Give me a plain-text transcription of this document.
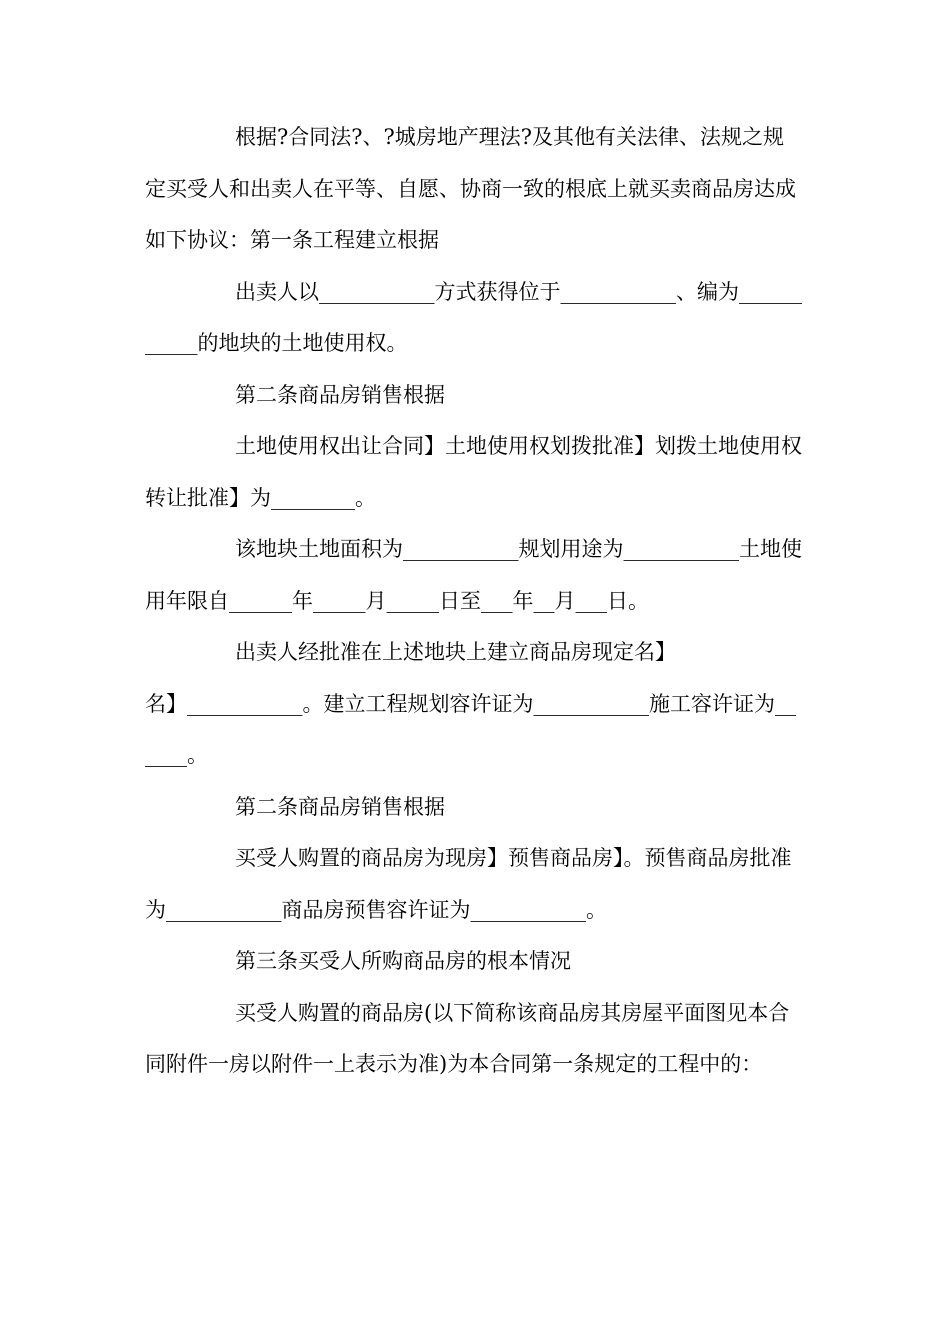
根据?合同法?、?城房地产理法?及其他有关法律、法规之规定买受人和出卖人在平等、自愿、协商一致的根底上就买卖商品房达成如下协议：第一条工程建立根据

出卖人以___________方式获得位于___________、编为___________的地块的土地使用权。

第二条商品房销售根据

土地使用权出让合同】土地使用权划拨批准】划拨土地使用权转让批准】为________。

该地块土地面积为___________规划用途为___________土地使用年限自______年_____月_____日至___年__月___日。

出卖人经批准在上述地块上建立商品房现定名】

名】___________。建立工程规划容许证为___________施工容许证为______。

第二条商品房销售根据

买受人购置的商品房为现房】预售商品房】。预售商品房批准为___________商品房预售容许证为___________。

第三条买受人所购商品房的根本情况

买受人购置的商品房(以下简称该商品房其房屋平面图见本合同附件一房以附件一上表示为准)为本合同第一条规定的工程中的：
